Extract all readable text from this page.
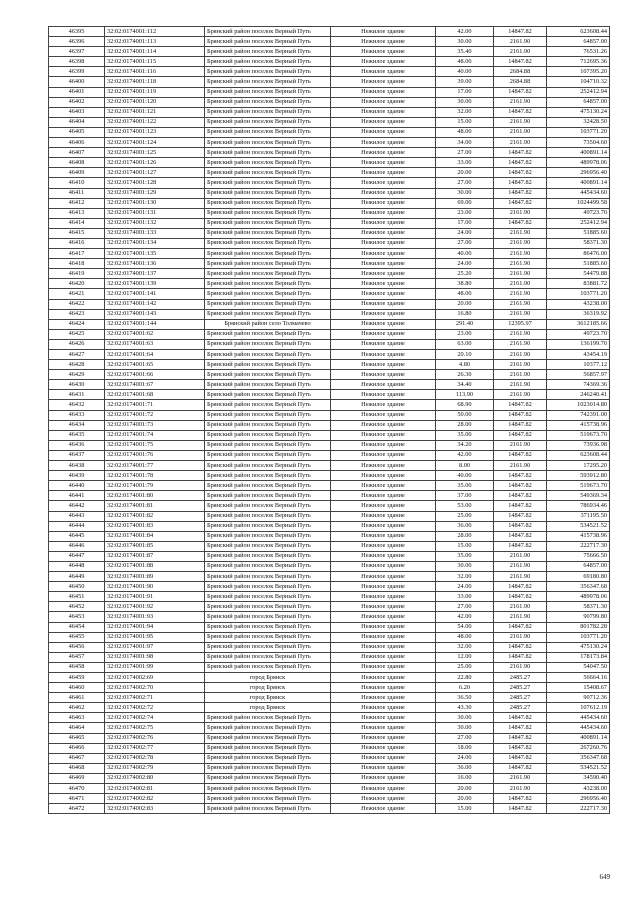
46395	32:02:0174001:112	Брянский район поселок Верный Путь	Нежилое здание	42.00	14847.82	623608.44
46396	32:02:0174001:113	Брянский район поселок Верный Путь	Нежилое здание	30.00	2161.90	64857.00
46397	32:02:0174001:114	Брянский район поселок Верный Путь	Нежилое здание	35.40	2161.90	76531.26
46398	32:02:0174001:115	Брянский район поселок Верный Путь	Нежилое здание	48.00	14847.82	712695.36
46399	32:02:0174001:116	Брянский район поселок Верный Путь	Нежилое здание	40.00	2684.88	107395.20
46400	32:02:0174001:118	Брянский район поселок Верный Путь	Нежилое здание	39.00	2684.88	104710.32
46401	32:02:0174001:119	Брянский район поселок Верный Путь	Нежилое здание	17.00	14847.82	252412.94
46402	32:02:0174001:120	Брянский район поселок Верный Путь	Нежилое здание	30.00	2161.90	64857.00
46403	32:02:0174001:121	Брянский район поселок Верный Путь	Нежилое здание	32.00	14847.82	475130.24
46404	32:02:0174001:122	Брянский район поселок Верный Путь	Нежилое здание	15.00	2161.90	32428.50
46405	32:02:0174001:123	Брянский район поселок Верный Путь	Нежилое здание	48.00	2161.90	103771.20
46406	32:02:0174001:124	Брянский район поселок Верный Путь	Нежилое здание	34.00	2161.90	73504.60
46407	32:02:0174001:125	Брянский район поселок Верный Путь	Нежилое здание	27.00	14847.82	400891.14
46408	32:02:0174001:126	Брянский район поселок Верный Путь	Нежилое здание	33.00	14847.82	489978.06
46409	32:02:0174001:127	Брянский район поселок Верный Путь	Нежилое здание	20.00	14847.82	296956.40
46410	32:02:0174001:128	Брянский район поселок Верный Путь	Нежилое здание	27.00	14847.82	400891.14
46411	32:02:0174001:129	Брянский район поселок Верный Путь	Нежилое здание	30.00	14847.82	445434.60
46412	32:02:0174001:130	Брянский район поселок Верный Путь	Нежилое здание	69.00	14847.82	1024499.58
46413	32:02:0174001:131	Брянский район поселок Верный Путь	Нежилое здание	23.00	2161.90	49723.70
46414	32:02:0174001:132	Брянский район поселок Верный Путь	Нежилое здание	17.00	14847.82	252412.94
46415	32:02:0174001:133	Брянский район поселок Верный Путь	Нежилое здание	24.00	2161.90	51885.60
46416	32:02:0174001:134	Брянский район поселок Верный Путь	Нежилое здание	27.00	2161.90	58371.30
46417	32:02:0174001:135	Брянский район поселок Верный Путь	Нежилое здание	40.00	2161.90	86476.00
46418	32:02:0174001:136	Брянский район поселок Верный Путь	Нежилое здание	24.00	2161.90	51885.60
46419	32:02:0174001:137	Брянский район поселок Верный Путь	Нежилое здание	25.20	2161.90	54479.88
46420	32:02:0174001:139	Брянский район поселок Верный Путь	Нежилое здание	38.80	2161.90	83881.72
46421	32:02:0174001:141	Брянский район поселок Верный Путь	Нежилое здание	48.00	2161.90	103771.20
46422	32:02:0174001:142	Брянский район поселок Верный Путь	Нежилое здание	20.00	2161.90	43238.00
46423	32:02:0174001:143	Брянский район поселок Верный Путь	Нежилое здание	16.80	2161.90	36319.92
46424	32:02:0174001:144	Брянский район село Толмачево	Нежилое здание	291.40	12395.97	3612185.66
46425	32:02:0174001:62	Брянский район поселок Верный Путь	Нежилое здание	23.00	2161.90	49723.70
46426	32:02:0174001:63	Брянский район поселок Верный Путь	Нежилое здание	63.00	2161.90	136199.70
46427	32:02:0174001:64	Брянский район поселок Верный Путь	Нежилое здание	20.10	2161.90	43454.19
46428	32:02:0174001:65	Брянский район поселок Верный Путь	Нежилое здание	4.80	2161.90	10377.12
46429	32:02:0174001:66	Брянский район поселок Верный Путь	Нежилое здание	26.30	2161.90	56857.97
46430	32:02:0174001:67	Брянский район поселок Верный Путь	Нежилое здание	34.40	2161.90	74369.36
46431	32:02:0174001:68	Брянский район поселок Верный Путь	Нежилое здание	113.90	2161.90	246240.41
46432	32:02:0174001:71	Брянский район поселок Верный Путь	Нежилое здание	68.90	14847.82	1023014.80
46433	32:02:0174001:72	Брянский район поселок Верный Путь	Нежилое здание	50.00	14847.82	742391.00
46434	32:02:0174001:73	Брянский район поселок Верный Путь	Нежилое здание	28.00	14847.82	415738.96
46435	32:02:0174001:74	Брянский район поселок Верный Путь	Нежилое здание	35.00	14847.82	519673.70
46436	32:02:0174001:75	Брянский район поселок Верный Путь	Нежилое здание	34.20	2161.90	73936.98
46437	32:02:0174001:76	Брянский район поселок Верный Путь	Нежилое здание	42.00	14847.82	623608.44
46438	32:02:0174001:77	Брянский район поселок Верный Путь	Нежилое здание	8.00	2161.90	17295.20
46439	32:02:0174001:78	Брянский район поселок Верный Путь	Нежилое здание	40.00	14847.82	593912.80
46440	32:02:0174001:79	Брянский район поселок Верный Путь	Нежилое здание	35.00	14847.82	519673.70
46441	32:02:0174001:80	Брянский район поселок Верный Путь	Нежилое здание	37.00	14847.82	549369.34
46442	32:02:0174001:81	Брянский район поселок Верный Путь	Нежилое здание	53.00	14847.82	786934.46
46443	32:02:0174001:82	Брянский район поселок Верный Путь	Нежилое здание	25.00	14847.82	371195.50
46444	32:02:0174001:83	Брянский район поселок Верный Путь	Нежилое здание	36.00	14847.82	534521.52
46445	32:02:0174001:84	Брянский район поселок Верный Путь	Нежилое здание	28.00	14847.82	415738.96
46446	32:02:0174001:85	Брянский район поселок Верный Путь	Нежилое здание	15.00	14847.82	222717.30
46447	32:02:0174001:87	Брянский район поселок Верный Путь	Нежилое здание	35.00	2161.90	75666.50
46448	32:02:0174001:88	Брянский район поселок Верный Путь	Нежилое здание	30.00	2161.90	64857.00
46449	32:02:0174001:89	Брянский район поселок Верный Путь	Нежилое здание	32.00	2161.90	69180.80
46450	32:02:0174001:90	Брянский район поселок Верный Путь	Нежилое здание	24.00	14847.82	356347.68
46451	32:02:0174001:91	Брянский район поселок Верный Путь	Нежилое здание	33.00	14847.82	489978.06
46452	32:02:0174001:92	Брянский район поселок Верный Путь	Нежилое здание	27.00	2161.90	58371.30
46453	32:02:0174001:93	Брянский район поселок Верный Путь	Нежилое здание	42.00	2161.90	90799.80
46454	32:02:0174001:94	Брянский район поселок Верный Путь	Нежилое здание	54.00	14847.82	801782.28
46455	32:02:0174001:95	Брянский район поселок Верный Путь	Нежилое здание	48.00	2161.90	103771.20
46456	32:02:0174001:97	Брянский район поселок Верный Путь	Нежилое здание	32.00	14847.82	475130.24
46457	32:02:0174001:98	Брянский район поселок Верный Путь	Нежилое здание	12.00	14847.82	178173.84
46458	32:02:0174001:99	Брянский район поселок Верный Путь	Нежилое здание	25.00	2161.90	54047.50
46459	32:02:0174002:69	город Брянск	Нежилое здание	22.80	2485.27	56664.16
46460	32:02:0174002:70	город Брянск	Нежилое здание	6.20	2485.27	15408.67
46461	32:02:0174002:71	город Брянск	Нежилое здание	36.50	2485.27	90712.36
46462	32:02:0174002:72	город Брянск	Нежилое здание	43.30	2485.27	107612.19
46463	32:02:0174002:74	Брянский район поселок Верный Путь	Нежилое здание	30.00	14847.82	445434.60
46464	32:02:0174002:75	Брянский район поселок Верный Путь	Нежилое здание	30.00	14847.82	445434.60
46465	32:02:0174002:76	Брянский район поселок Верный Путь	Нежилое здание	27.00	14847.82	400891.14
46466	32:02:0174002:77	Брянский район поселок Верный Путь	Нежилое здание	18.00	14847.82	267260.76
46467	32:02:0174002:78	Брянский район поселок Верный Путь	Нежилое здание	24.00	14847.82	356347.68
46468	32:02:0174002:79	Брянский район поселок Верный Путь	Нежилое здание	36.00	14847.82	534521.52
46469	32:02:0174002:80	Брянский район поселок Верный Путь	Нежилое здание	16.00	2161.90	34590.40
46470	32:02:0174002:81	Брянский район поселок Верный Путь	Нежилое здание	20.00	2161.90	43238.00
46471	32:02:0174002:82	Брянский район поселок Верный Путь	Нежилое здание	20.00	14847.82	296956.40
46472	32:02:0174002:83	Брянский район поселок Верный Путь	Нежилое здание	15.00	14847.82	222717.30
649
